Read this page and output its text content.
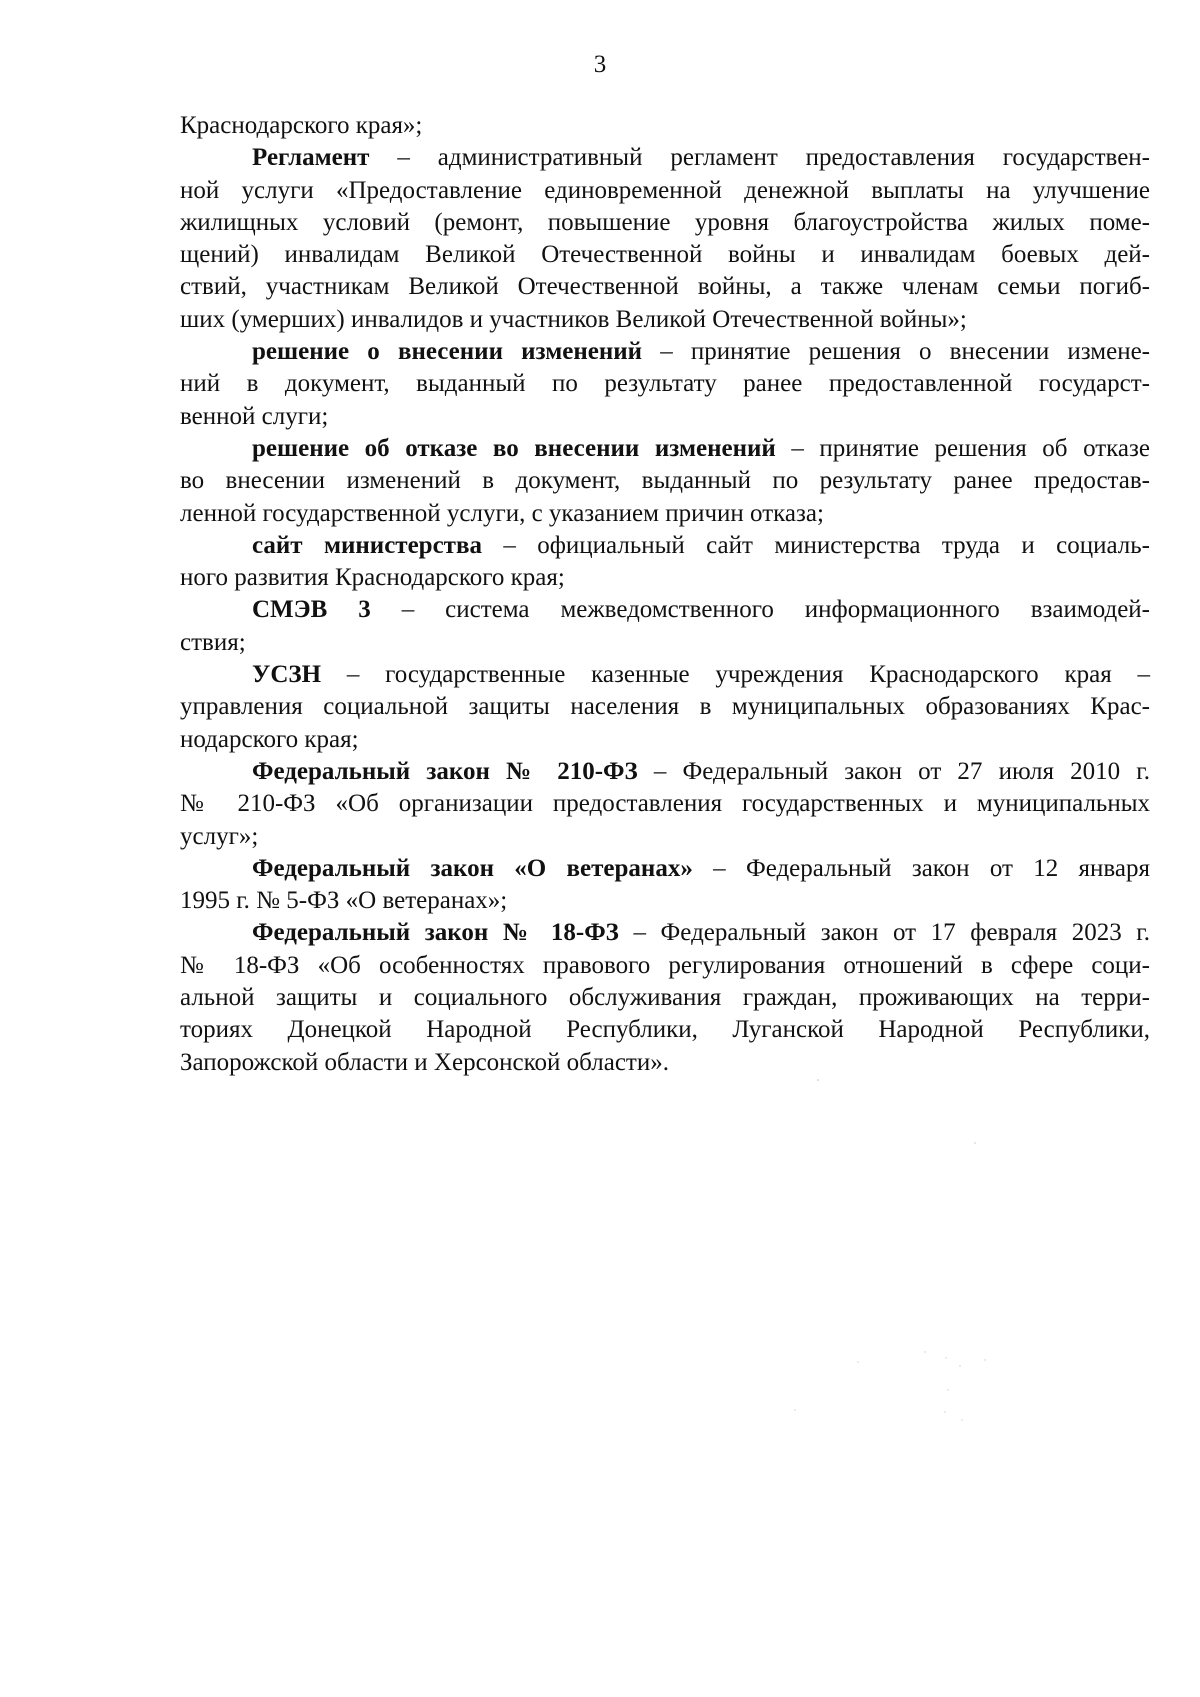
3
Краснодарского края»;
Регламент – административный регламент предоставления государствен-
ной услуги «Предоставление единовременной денежной выплаты на улучшение
жилищных условий (ремонт, повышение уровня благоустройства жилых поме-
щений) инвалидам Великой Отечественной войны и инвалидам боевых дей-
ствий, участникам Великой Отечественной войны, а также членам семьи погиб-
ших (умерших) инвалидов и участников Великой Отечественной войны»;
решение о внесении изменений – принятие решения о внесении измене-
ний в документ, выданный по результату ранее предоставленной государст-
венной слуги;
решение об отказе во внесении изменений – принятие решения об отказе
во внесении изменений в документ, выданный по результату ранее предостав-
ленной государственной услуги, с указанием причин отказа;
сайт министерства – официальный сайт министерства труда и социаль-
ного развития Краснодарского края;
СМЭВ 3 – система межведомственного информационного взаимодей-
ствия;
УСЗН – государственные казенные учреждения Краснодарского края –
управления социальной защиты населения в муниципальных образованиях Крас-
нодарского края;
Федеральный закон № 210-ФЗ – Федеральный закон от 27 июля 2010 г.
№ 210-ФЗ «Об организации предоставления государственных и муниципальных
услуг»;
Федеральный закон «О ветеранах» – Федеральный закон от 12 января
1995 г. № 5-ФЗ «О ветеранах»;
Федеральный закон № 18-ФЗ – Федеральный закон от 17 февраля 2023 г.
№ 18-ФЗ «Об особенностях правового регулирования отношений в сфере соци-
альной защиты и социального обслуживания граждан, проживающих на терри-
ториях Донецкой Народной Республики, Луганской Народной Республики,
Запорожской области и Херсонской области».
